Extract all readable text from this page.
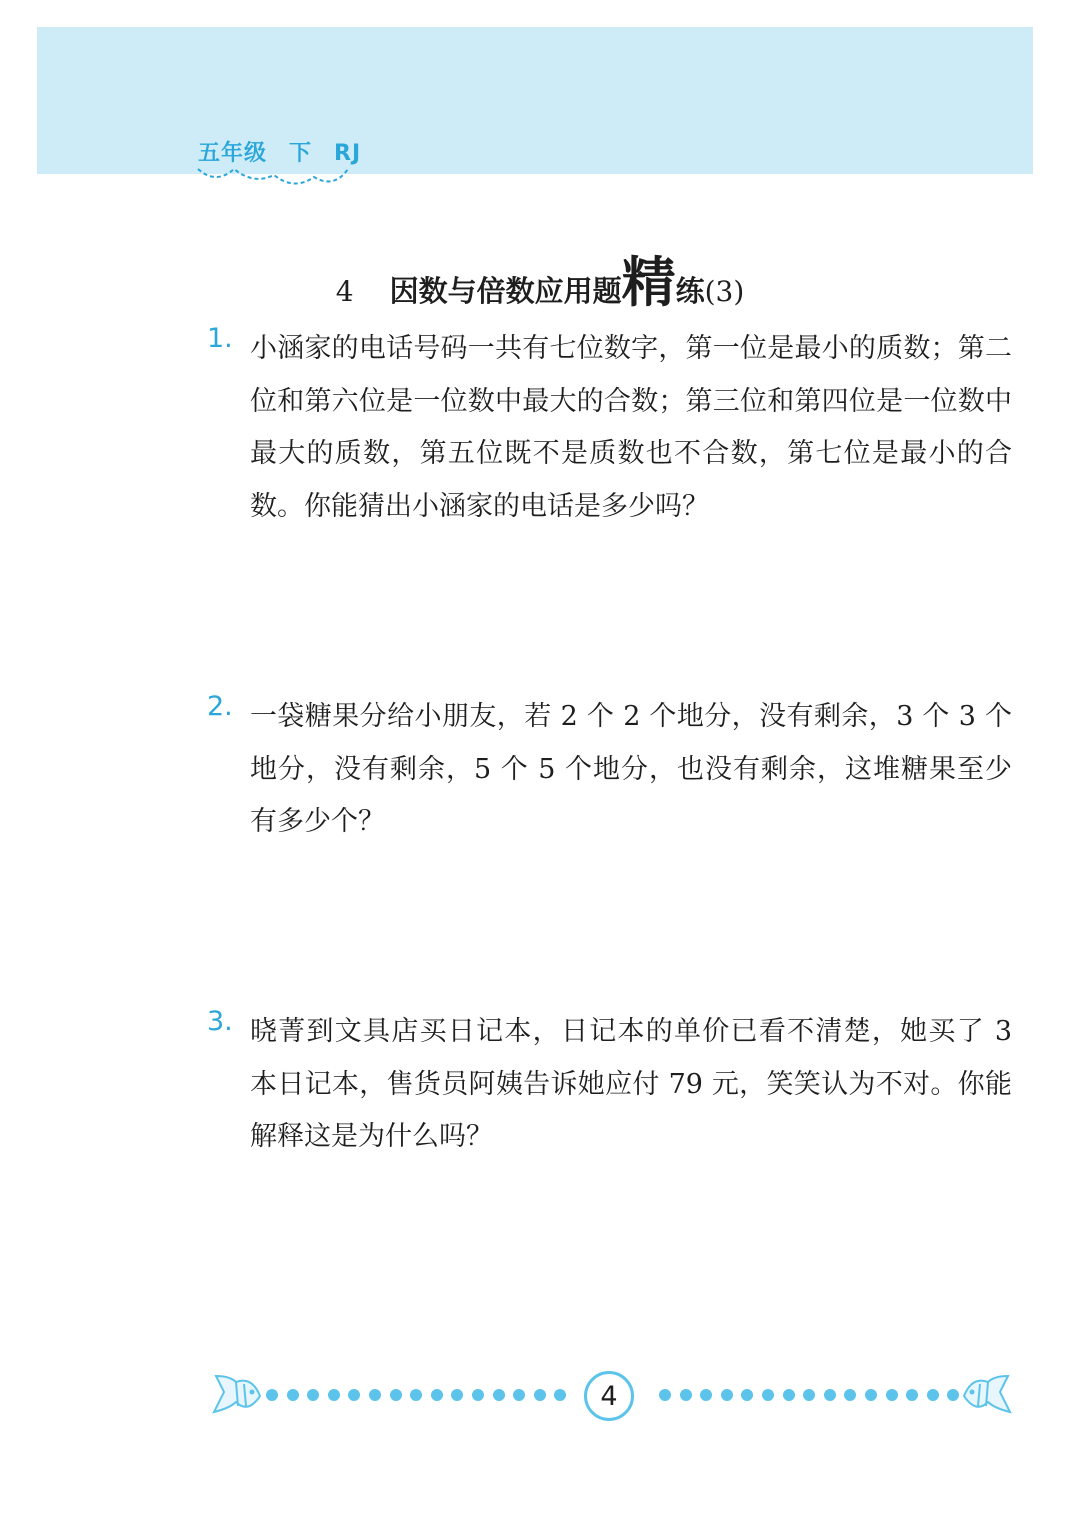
五年级 下 RJ
4 因数与倍数应用题精练(3)
1. 小涵家的电话号码一共有七位数字，第一位是最小的质数；第二位和第六位是一位数中最大的合数；第三位和第四位是一位数中最大的质数，第五位既不是质数也不合数，第七位是最小的合数。你能猜出小涵家的电话是多少吗？
2. 一袋糖果分给小朋友，若 2 个 2 个地分，没有剩余，3 个 3 个地分，没有剩余，5 个 5 个地分，也没有剩余，这堆糖果至少有多少个？
3. 晓菁到文具店买日记本，日记本的单价已看不清楚，她买了 3 本日记本，售货员阿姨告诉她应付 79 元，笑笑认为不对。你能解释这是为什么吗？
4
